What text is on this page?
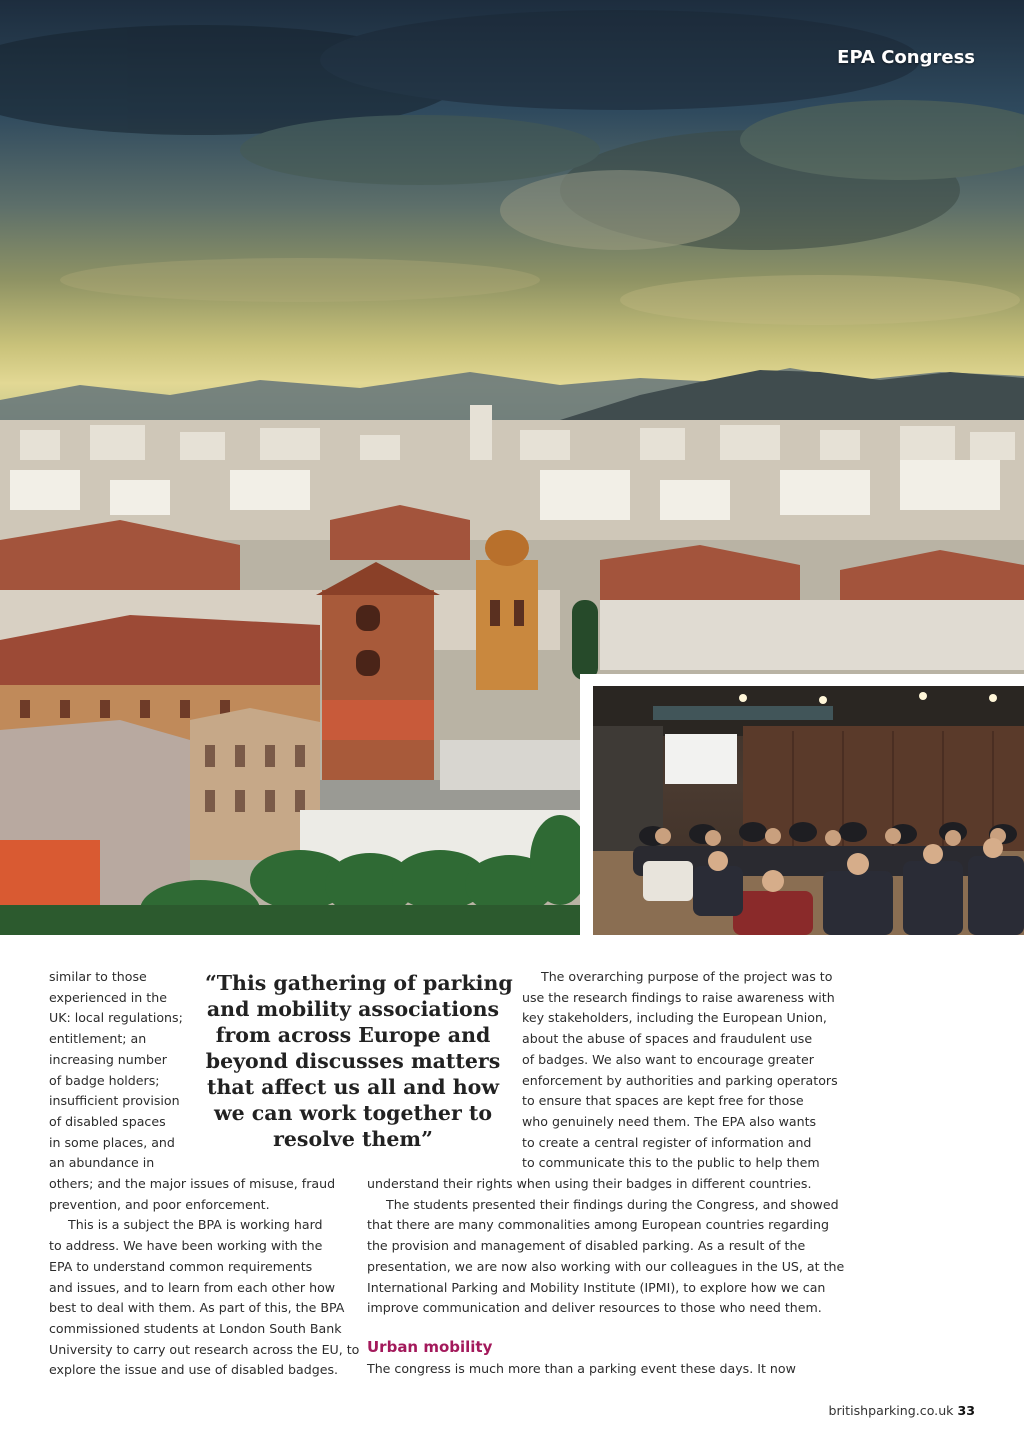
EPA Congress
similar to those
experienced in the
UK: local regulations;
entitlement; an
increasing number
of badge holders;
insufficient provision
of disabled spaces
in some places, and
an abundance in
others; and the major issues of misuse, fraud
prevention, and poor enforcement.
This is a subject the BPA is working hard
to address. We have been working with the
EPA to understand common requirements
and issues, and to learn from each other how
best to deal with them. As part of this, the BPA
commissioned students at London South Bank
University to carry out research across the EU, to
explore the issue and use of disabled badges.
“This gathering of parking
and mobility associations
from across Europe and
beyond discusses matters
that affect us all and how
we can work together to
resolve them”
The overarching purpose of the project was to
use the research findings to raise awareness with
key stakeholders, including the European Union,
about the abuse of spaces and fraudulent use
of badges. We also want to encourage greater
enforcement by authorities and parking operators
to ensure that spaces are kept free for those
who genuinely need them. The EPA also wants
to create a central register of information and
to communicate this to the public to help them
understand their rights when using their badges in different countries.
The students presented their findings during the Congress, and showed
that there are many commonalities among European countries regarding
the provision and management of disabled parking. As a result of the
presentation, we are now also working with our colleagues in the US, at the
International Parking and Mobility Institute (IPMI), to explore how we can
improve communication and deliver resources to those who need them.
Urban mobility
The congress is much more than a parking event these days. It now
britishparking.co.uk 33
